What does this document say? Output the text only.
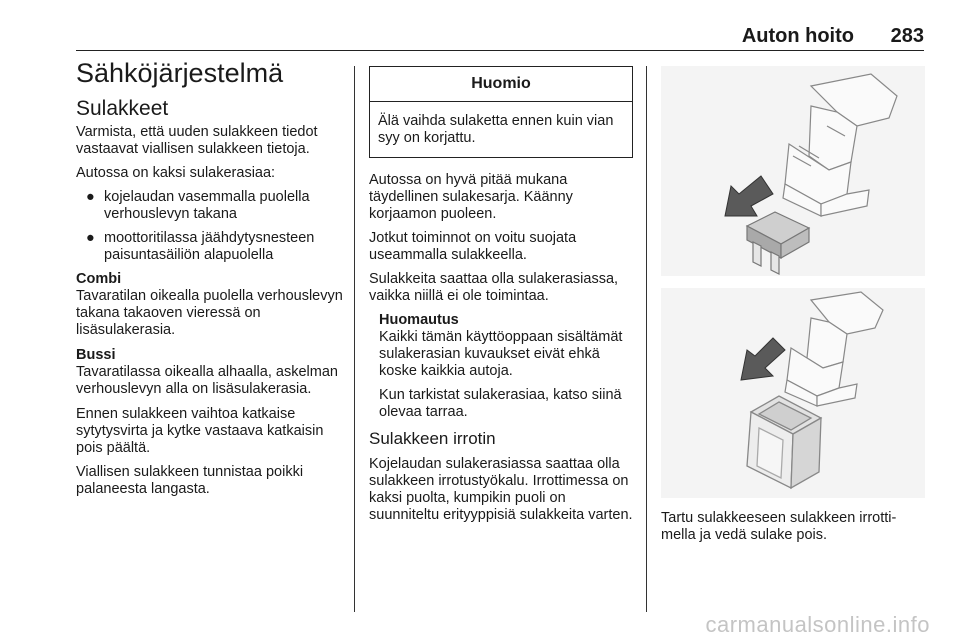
Auton hoito 283
Sähköjärjestelmä
Sulakkeet

Varmista, että uuden sulakkeen tiedot vastaavat viallisen sulakkeen tietoja.

Autossa on kaksi sulakerasiaa:

● kojelaudan vasemmalla puolella verhouslevyn takana
● moottoritilassa jäähdytysnesteen paisuntasäiliön alapuolella
Combi

Tavaratilan oikealla puolella verhouslevyn takana takaoven vieressä on lisäsulakerasia.

Bussi

Tavaratilassa oikealla alhaalla, askelman verhouslevyn alla on lisäsulakerasia.

Ennen sulakkeen vaihtoa katkaise sytytysvirta ja kytke vastaava katkaisin pois päältä.

Viallisen sulakkeen tunnistaa poikki palaneesta langasta.

Huomio
Älä vaihda sulaketta ennen kuin vian syy on korjattu.

Autossa on hyvä pitää mukana täydellinen sulakesarja. Käänny korjaamon puoleen.

Jotkut toiminnot on voitu suojata useammalla sulakkeella.

Sulakkeita saattaa olla sulakerasiassa, vaikka niillä ei ole toimintaa.

Huomautus

Kaikki tämän käyttöoppaan sisältämät sulakerasian kuvaukset eivät ehkä koske kaikkia autoja.

Kun tarkistat sulakerasiaa, katso siinä olevaa tarraa.

Sulakkeen irrotin

Kojelaudan sulakerasiassa saattaa olla sulakkeen irrotustyökalu. Irrottimessa on kaksi puolta, kumpikin puoli on suunniteltu erityyppisiä sulakkeita varten. Tartu sulakkeeseen sulakkeen irrottimella ja vedä sulake pois.

carmanualsonline.info
